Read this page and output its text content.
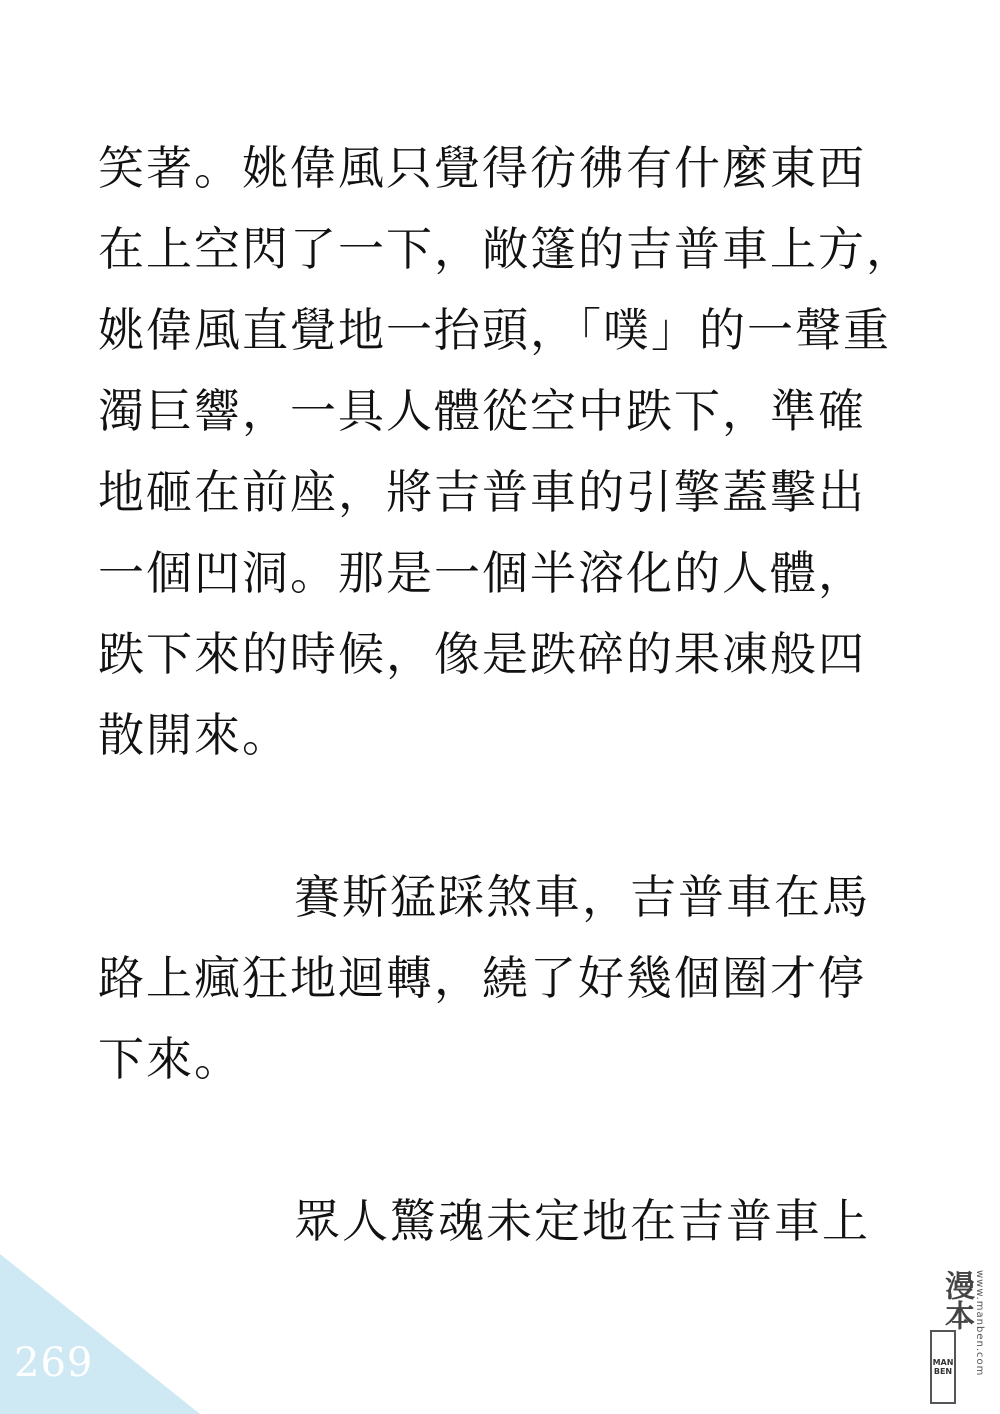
笑著。姚偉風只覺得彷彿有什麼東西
在上空閃了一下，敞篷的吉普車上方，
姚偉風直覺地一抬頭，「噗」的一聲重
濁巨響，一具人體從空中跌下，準確
地砸在前座，將吉普車的引擎蓋擊出
一個凹洞。那是一個半溶化的人體，
跌下來的時候，像是跌碎的果凍般四
散開來。
賽斯猛踩煞車，吉普車在馬
路上瘋狂地迴轉，繞了好幾個圈才停
下來。
眾人驚魂未定地在吉普車上
269
漫本
MAN
BEN www.manben.com
